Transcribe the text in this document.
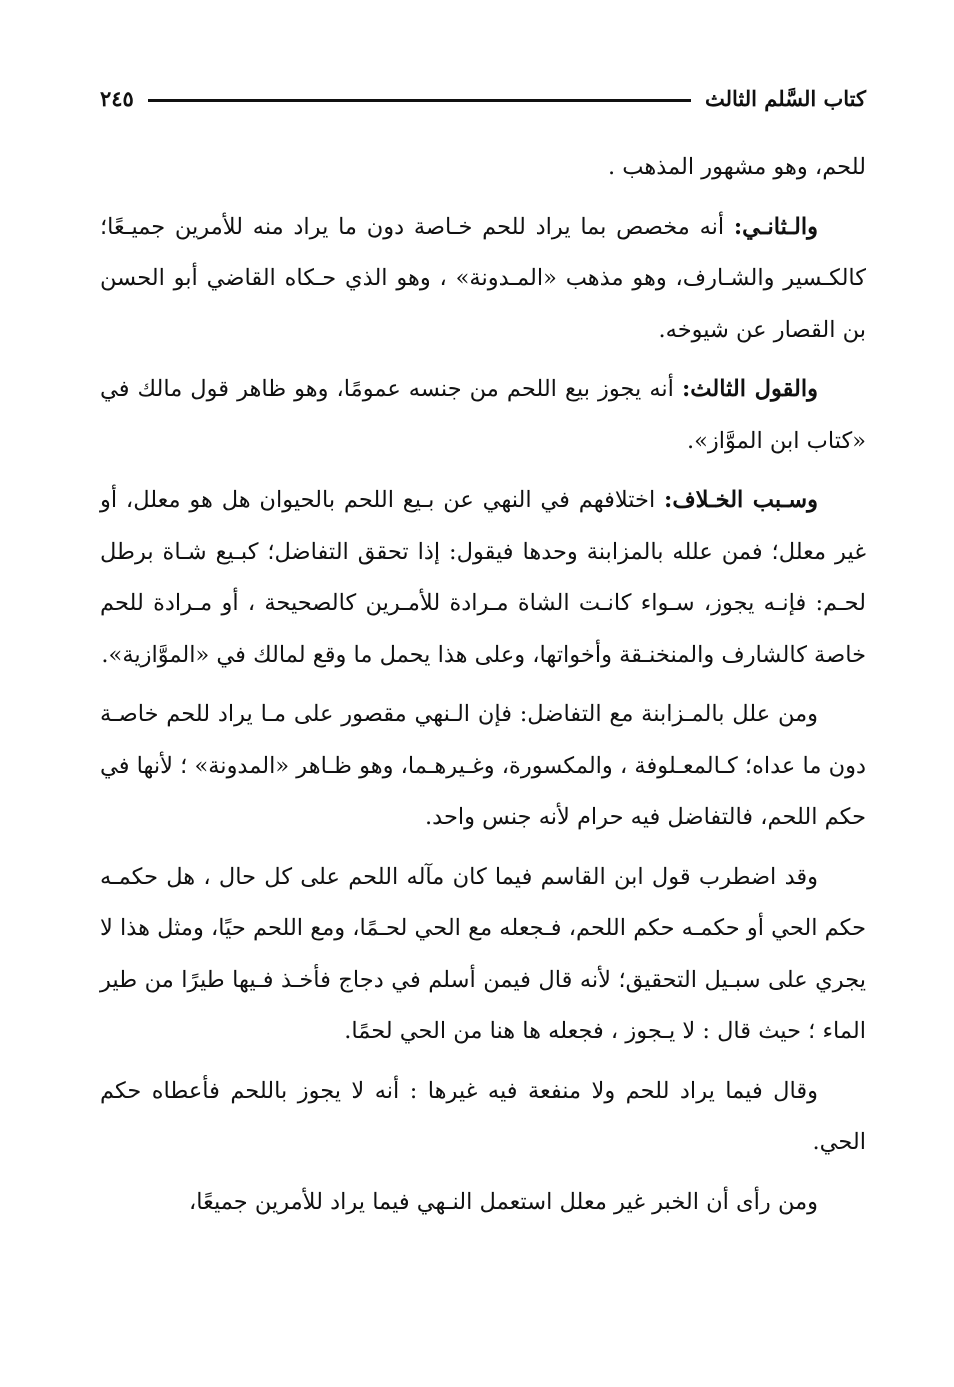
كتاب السَّلم الثالث
٢٤٥

للحم، وهو مشهور المذهب .

والـثانـي: أنه مخصص بما يراد للحم خـاصة دون ما يراد منه للأمرين جميـعًا؛ كالكـسير والشـارف، وهو مذهب «المـدونة» ، وهو الذي حـكاه القاضي أبو الحسن بن القصار عن شيوخه.

والقول الثالث: أنه يجوز بيع اللحم من جنسه عمومًا، وهو ظاهر قول مالك في «كتاب ابن الموَّاز».

وسـبب الخـلاف: اختلافهم في النهي عن بـيع اللحم بالحيوان هل هو معلل، أو غير معلل؛ فمن علله بالمزابنة وحدها فيقول: إذا تحقق التفاضل؛ كبـيع شـاة برطل لحـم: فإنـه يجوز، سـواء كانـت الشاة مـرادة للأمـرين كالصحيحة ، أو مـرادة للحم خاصة كالشارف والمنخنـقة وأخواتها، وعلى هذا يحمل ما وقع لمالك في «الموَّازية».

ومن علل بالمـزابنة مع التفاضل: فإن الـنهي مقصور على مـا يراد للحم خاصـة دون ما عداه؛ كـالمعـلوفة ، والمكسورة، وغـيرهـما، وهو ظـاهر «المدونة» ؛ لأنها في حكم اللحم، فالتفاضل فيه حرام لأنه جنس واحد.

وقد اضطرب قول ابن القاسم فيما كان مآله اللحم على كل حال ، هل حكمـه حكم الحي أو حكمـه حكم اللحم، فـجعله مع الحي لحـمًا، ومع اللحم حيًا، ومثل هذا لا يجري على سبـيل التحقيق؛ لأنه قال فيمن أسلم في دجاج فأخـذ فـيها طيرًا من طير الماء ؛ حيث قال : لا يـجوز ، فجعله ها هنا من الحي لحمًا.

وقال فيما يراد للحم ولا منفعة فيه غيرها : أنه لا يجوز باللحم فأعطاه حكم الحي.

ومن رأى أن الخبر غير معلل استعمل النـهي فيما يراد للأمرين جميعًا،
